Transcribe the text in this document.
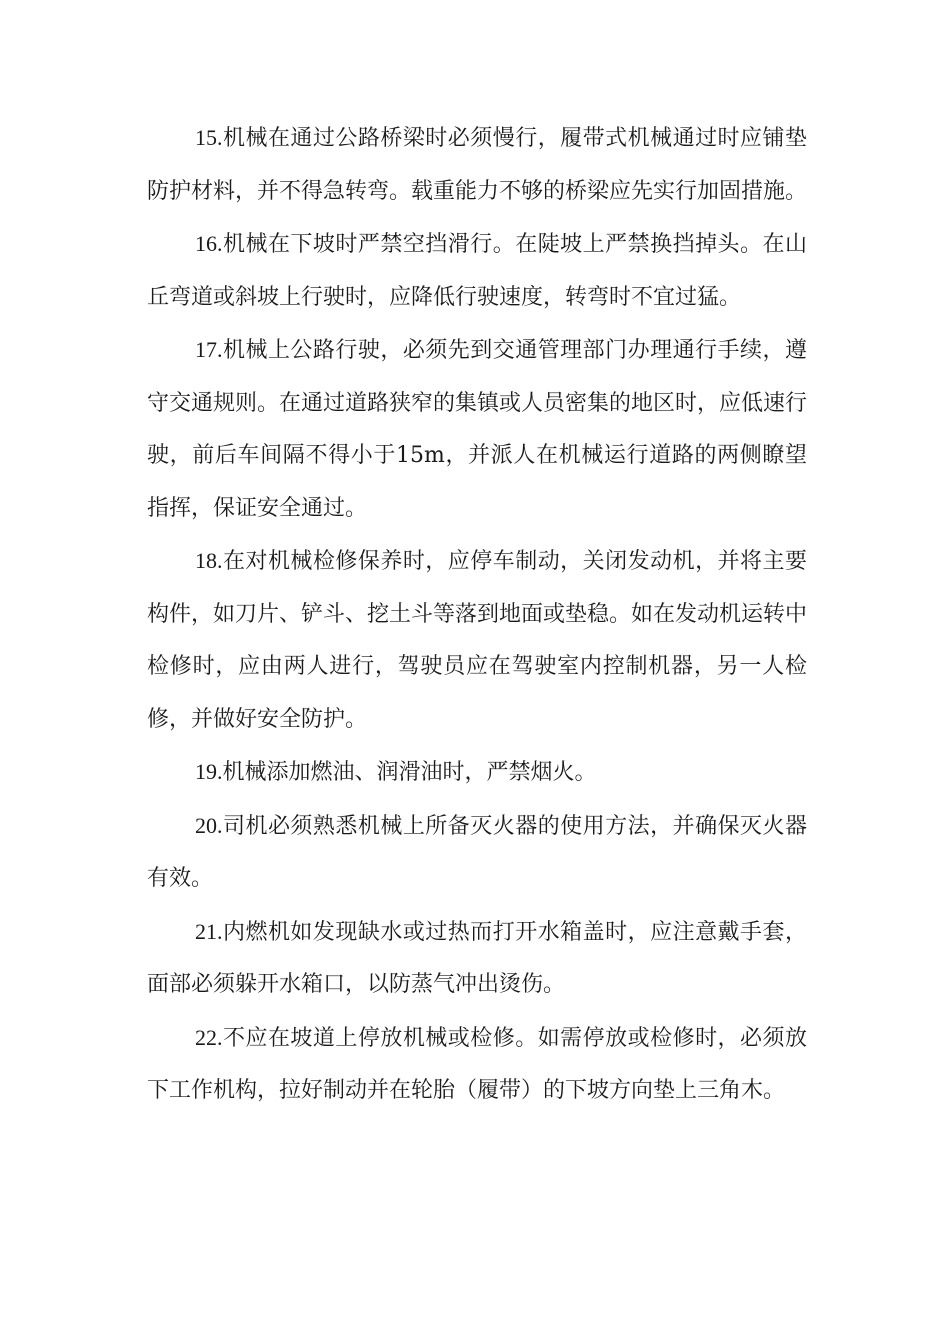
15.机械在通过公路桥梁时必须慢行，履带式机械通过时应铺垫防护材料，并不得急转弯。载重能力不够的桥梁应先实行加固措施。

16.机械在下坡时严禁空挡滑行。在陡坡上严禁换挡掉头。在山丘弯道或斜坡上行驶时，应降低行驶速度，转弯时不宜过猛。

17.机械上公路行驶，必须先到交通管理部门办理通行手续，遵守交通规则。在通过道路狭窄的集镇或人员密集的地区时，应低速行驶，前后车间隔不得小于15m，并派人在机械运行道路的两侧瞭望指挥，保证安全通过。

18.在对机械检修保养时，应停车制动，关闭发动机，并将主要构件，如刀片、铲斗、挖土斗等落到地面或垫稳。如在发动机运转中检修时，应由两人进行，驾驶员应在驾驶室内控制机器，另一人检修，并做好安全防护。

19.机械添加燃油、润滑油时，严禁烟火。

20.司机必须熟悉机械上所备灭火器的使用方法，并确保灭火器有效。

21.内燃机如发现缺水或过热而打开水箱盖时，应注意戴手套，面部必须躲开水箱口，以防蒸气冲出烫伤。

22.不应在坡道上停放机械或检修。如需停放或检修时，必须放下工作机构，拉好制动并在轮胎（履带）的下坡方向垫上三角木。
